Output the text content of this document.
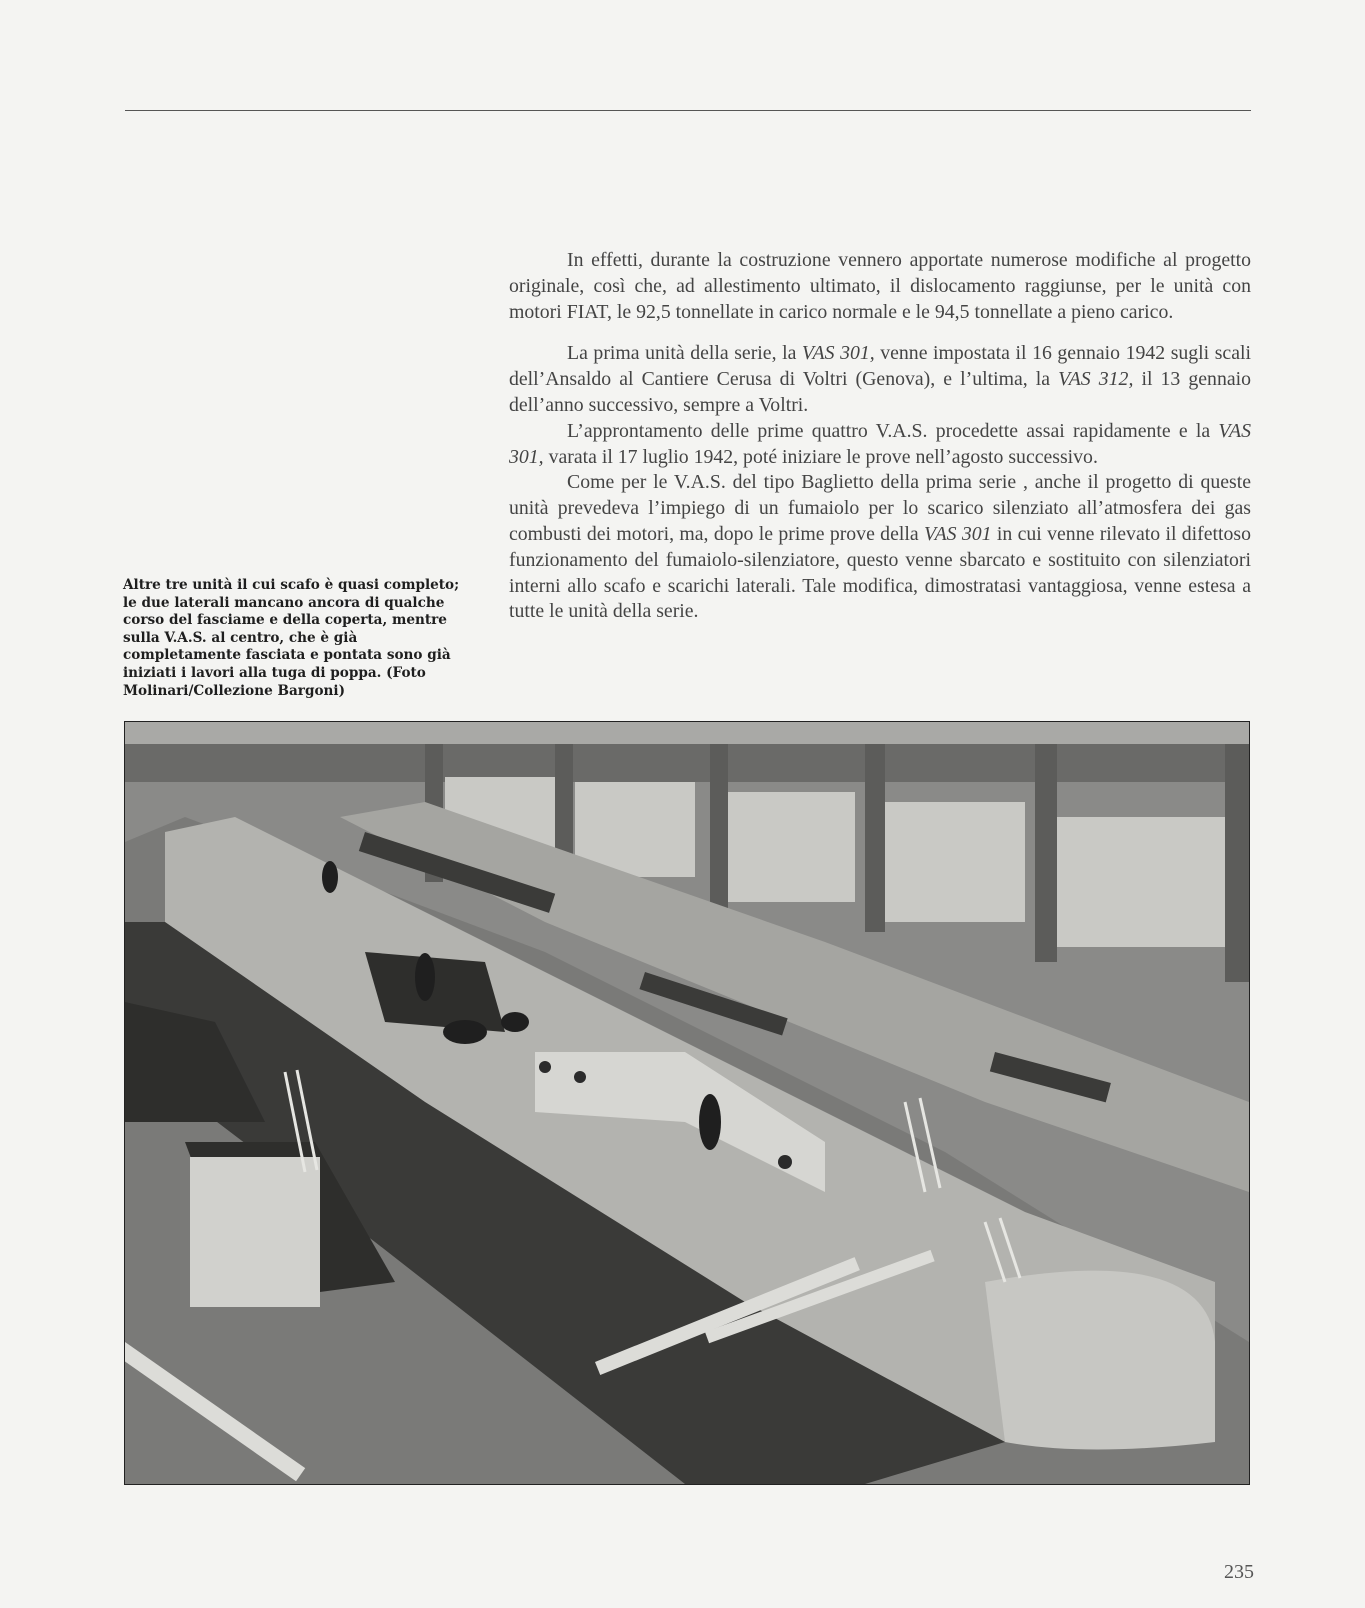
Altre tre unità il cui scafo è quasi completo; le due laterali mancano ancora di qualche corso del fasciame e della coperta, mentre sulla V.A.S. al centro, che è già completamente fasciata e pontata sono già iniziati i lavori alla tuga di poppa. (Foto Molinari/Collezione Bargoni)

In effetti, durante la costruzione vennero apportate numerose modifiche al progetto originale, così che, ad allestimento ultimato, il dislocamento raggiunse, per le unità con motori FIAT, le 92,5 tonnellate in carico normale e le 94,5 tonnellate a pieno carico.

La prima unità della serie, la VAS 301, venne impostata il 16 gennaio 1942 sugli scali dell’Ansaldo al Cantiere Cerusa di Voltri (Genova), e l’ultima, la VAS 312, il 13 gennaio dell’anno successivo, sempre a Voltri.

L’approntamento delle prime quattro V.A.S. procedette assai rapidamente e la VAS 301, varata il 17 luglio 1942, poté iniziare le prove nell’agosto successivo.

Come per le V.A.S. del tipo Baglietto della prima serie , anche il progetto di queste unità prevedeva l’impiego di un fumaiolo per lo scarico silenziato all’atmosfera dei gas combusti dei motori, ma, dopo le prime prove della VAS 301 in cui venne rilevato il difettoso funzionamento del fumaiolo-silenziatore, questo venne sbarcato e sostituito con silenziatori interni allo scafo e scarichi laterali. Tale modifica, dimostratasi vantaggiosa, venne estesa a tutte le unità della serie.

235
